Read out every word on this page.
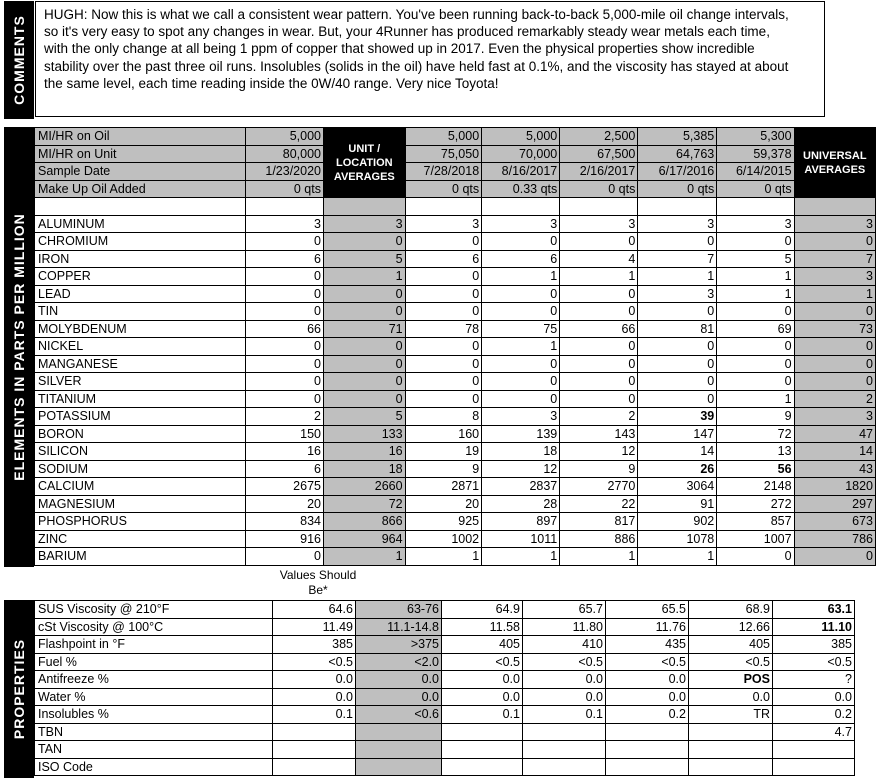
COMMENTS

HUGH: Now this is what we call a consistent wear pattern. You've been running back-to-back 5,000-mile oil change intervals, so it's very easy to spot any changes in wear. But, your 4Runner has produced remarkably steady wear metals each time, with the only change at all being 1 ppm of copper that showed up in 2017. Even the physical properties show incredible stability over the past three oil runs. Insolubles (solids in the oil) have held fast at 0.1%, and the viscosity has stayed at about the same level, each time reading inside the 0W/40 range. Very nice Toyota!

ELEMENTS IN PARTS PER MILLION
MI/HR on Oil	5,000	UNIT / LOCATION AVERAGES	5,000	5,000	2,500	5,385	5,300	UNIVERSAL AVERAGES
MI/HR on Unit	80,000		75,050	70,000	67,500	64,763	59,378	
Sample Date	1/23/2020		7/28/2018	8/16/2017	2/16/2017	6/17/2016	6/14/2015	
Make Up Oil Added	0 qts		0 qts	0.33 qts	0 qts	0 qts	0 qts	

ALUMINUM	3	3	3	3	3	3	3	3
CHROMIUM	0	0	0	0	0	0	0	0
IRON	6	5	6	6	4	7	5	7
COPPER	0	1	0	1	1	1	1	3
LEAD	0	0	0	0	0	3	1	1
TIN	0	0	0	0	0	0	0	0
MOLYBDENUM	66	71	78	75	66	81	69	73
NICKEL	0	0	0	1	0	0	0	0
MANGANESE	0	0	0	0	0	0	0	0
SILVER	0	0	0	0	0	0	0	0
TITANIUM	0	0	0	0	0	0	1	2
POTASSIUM	2	5	8	3	2	39	9	3
BORON	150	133	160	139	143	147	72	47
SILICON	16	16	19	18	12	14	13	14
SODIUM	6	18	9	12	9	26	56	43
CALCIUM	2675	2660	2871	2837	2770	3064	2148	1820
MAGNESIUM	20	72	20	28	22	91	272	297
PHOSPHORUS	834	866	925	897	817	902	857	673
ZINC	916	964	1002	1011	886	1078	1007	786
BARIUM	0	1	1	1	1	1	0	0
Values Should Be*
PROPERTIES
SUS Viscosity @ 210°F	64.6	63-76	64.9	65.7	65.5	68.9	63.1
cSt Viscosity @ 100°C	11.49	11.1-14.8	11.58	11.80	11.76	12.66	11.10
Flashpoint in °F	385	>375	405	410	435	405	385
Fuel %	<0.5	<2.0	<0.5	<0.5	<0.5	<0.5	<0.5
Antifreeze %	0.0	0.0	0.0	0.0	0.0	POS	?
Water %	0.0	0.0	0.0	0.0	0.0	0.0	0.0
Insolubles %	0.1	<0.6	0.1	0.1	0.2	TR	0.2
TBN							4.7
TAN							
ISO Code							
